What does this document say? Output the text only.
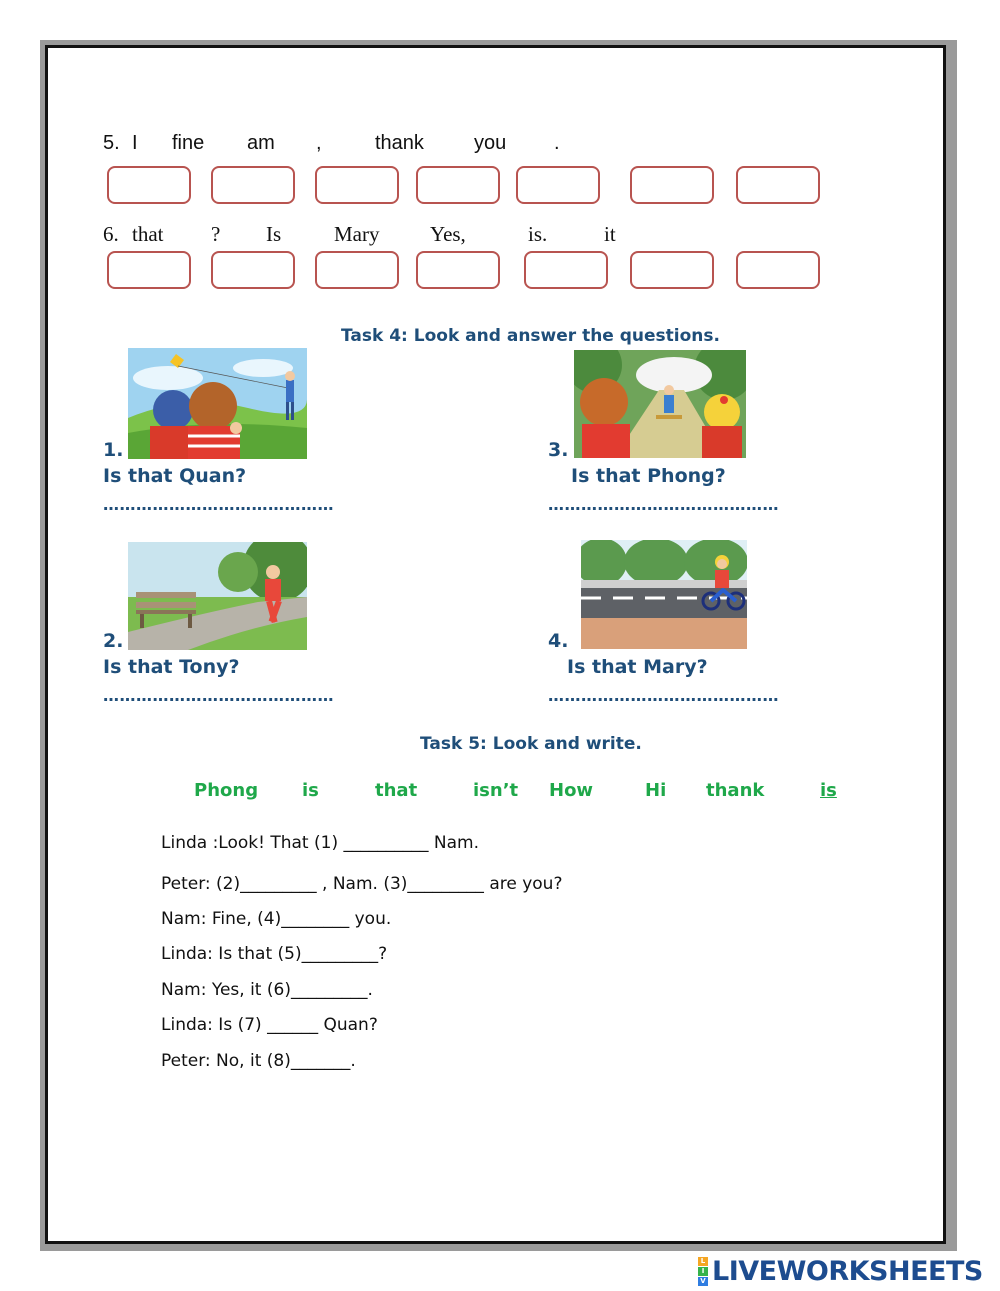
5. I fine am ,	thank	you .
6. that ? Is	Mary Yes,	is.	it
Task 4: Look and answer the questions.
1.	3.
Is that Quan?	Is that Phong?
……………………………………	……………………………………
2.	4.
Is that Tony?	Is that Mary?
……………………………………	……………………………………
Task 5: Look and write.
Phong is	that	isn’t How	Hi thank	is
Linda :Look! That (1) __________ Nam.
Peter: (2)_________ , Nam. (3)_________ are you?
Nam: Fine, (4)________ you.
Linda: Is that (5)_________?
Nam: Yes, it (6)_________.
Linda: Is (7) ______ Quan?
Peter: No, it (8)_______.
L
I
V LIVEWORKSHEETS
